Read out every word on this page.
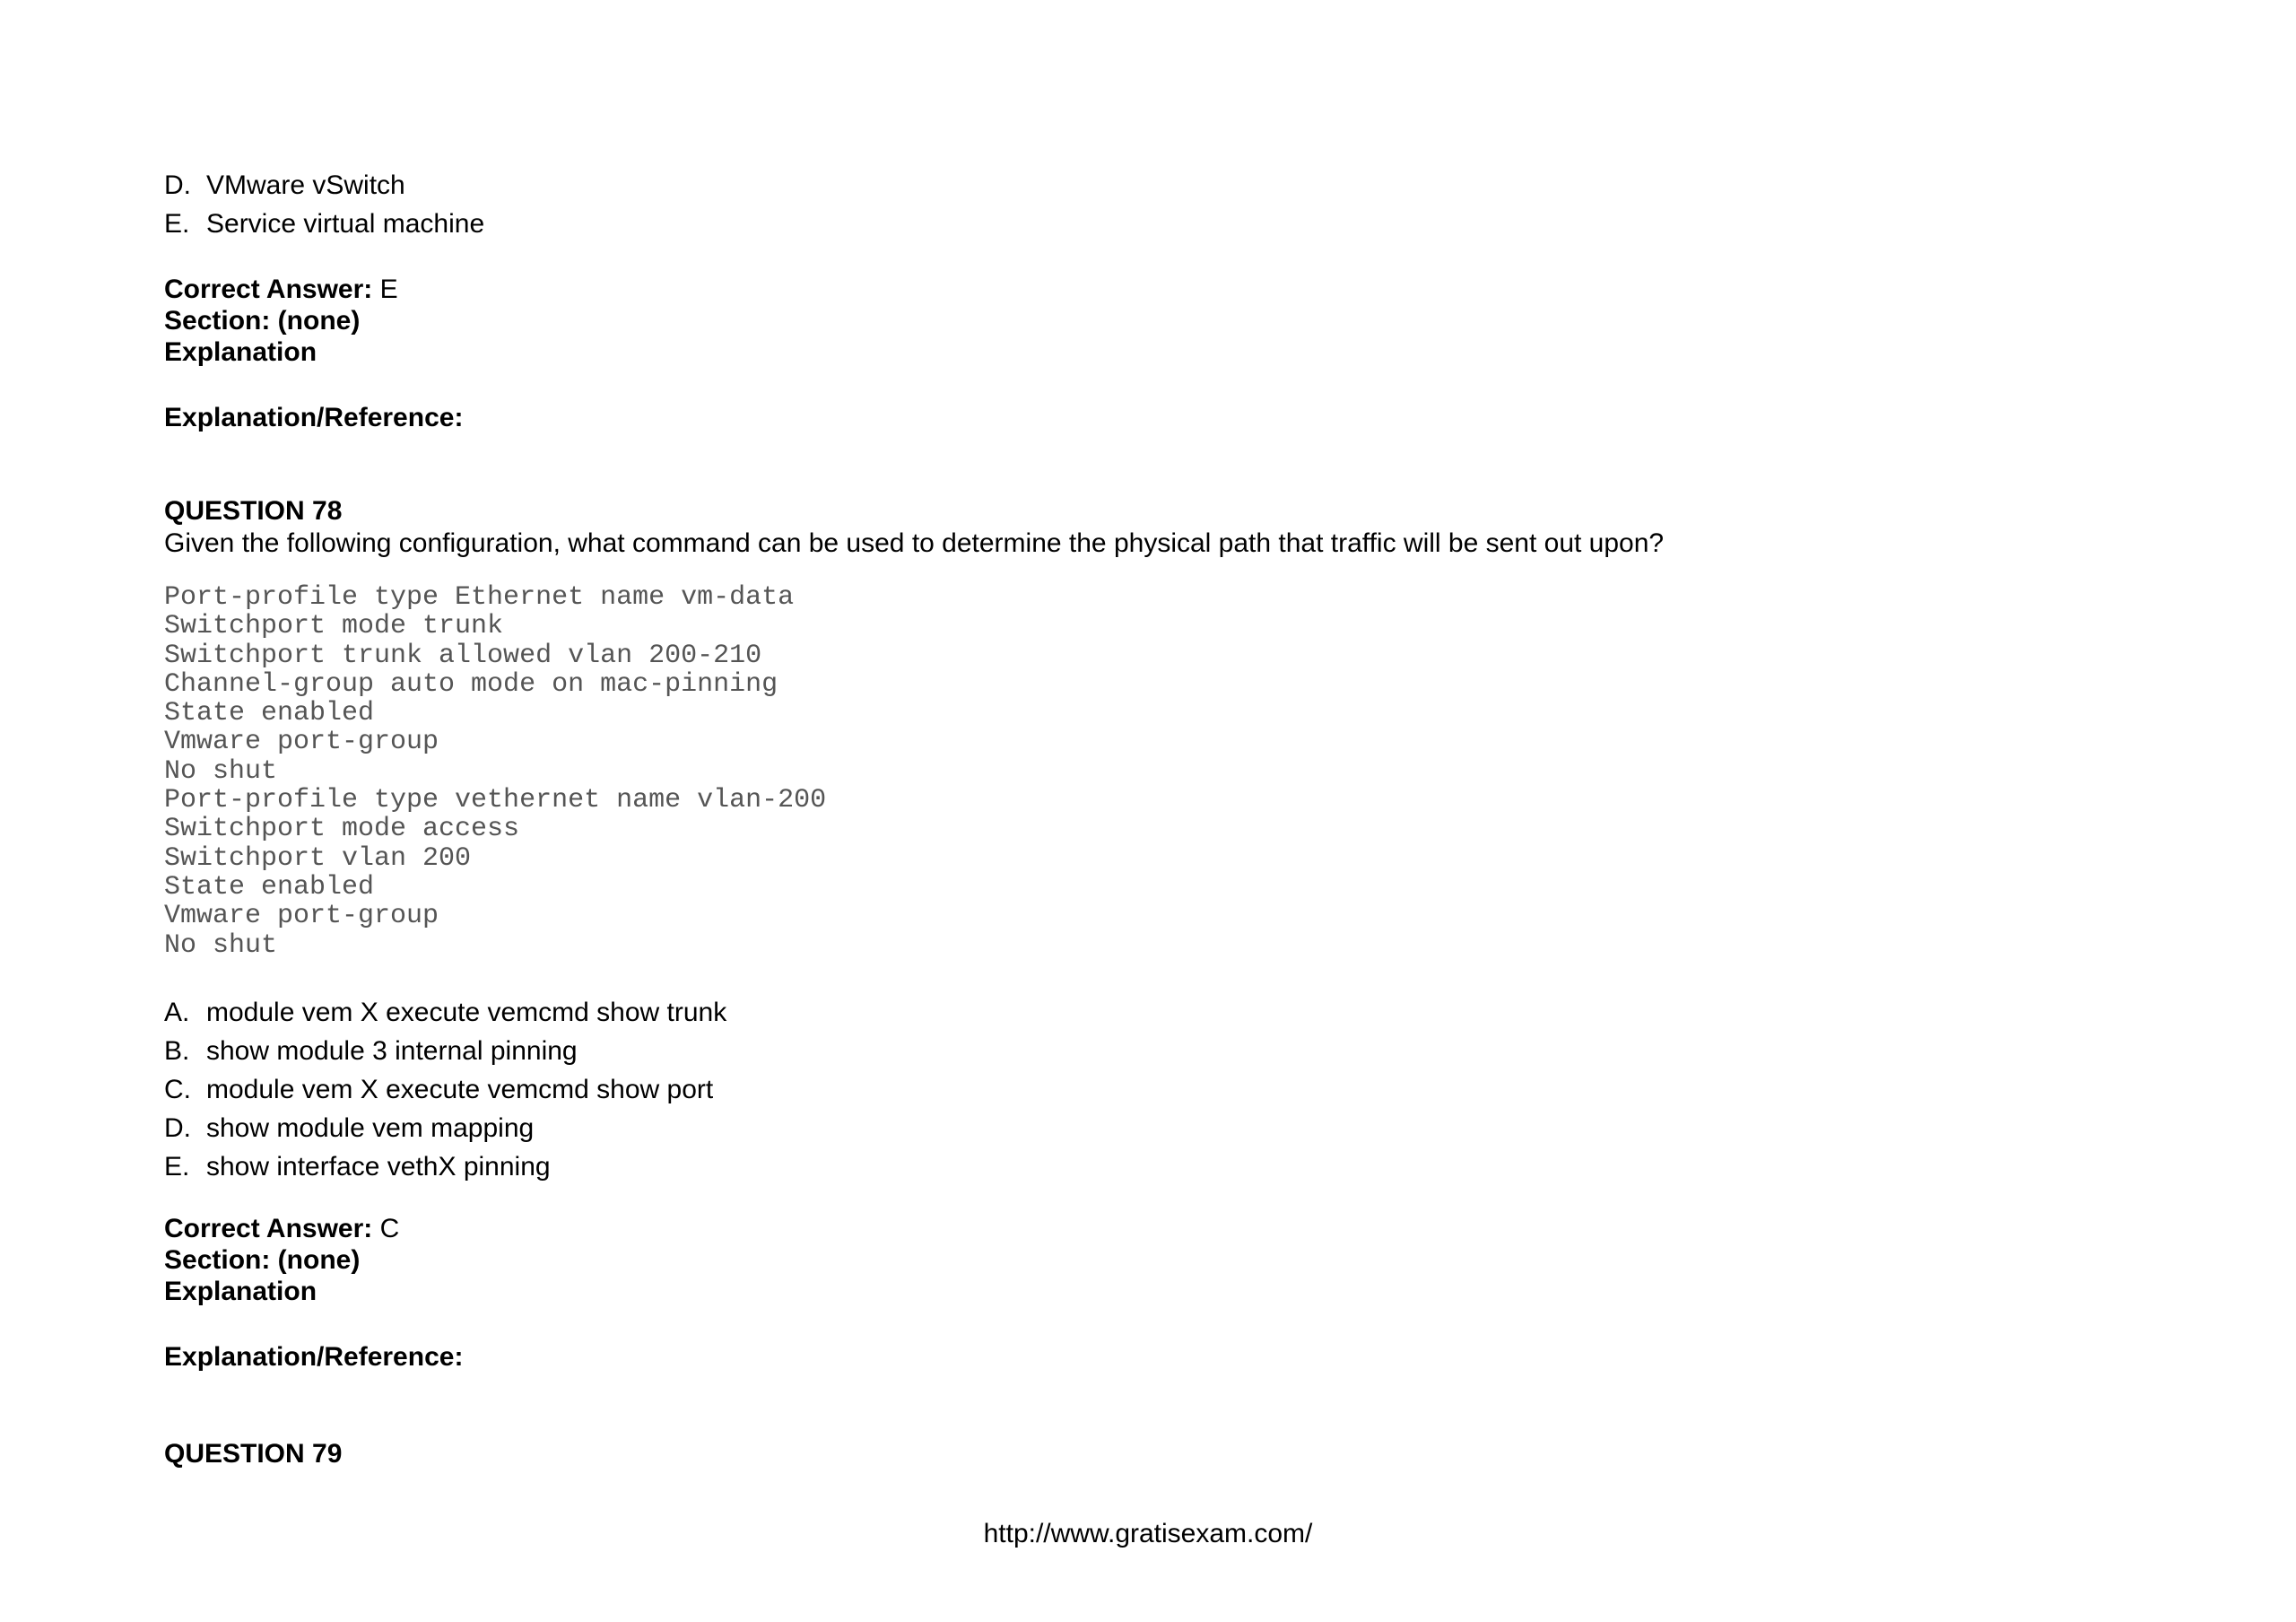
D. VMware vSwitch
E. Service virtual machine
Correct Answer: E
Section: (none)
Explanation
Explanation/Reference:
QUESTION 78
Given the following configuration, what command can be used to determine the physical path that traffic will be sent out upon?
Port-profile type Ethernet name vm-data
Switchport mode trunk
Switchport trunk allowed vlan 200-210
Channel-group auto mode on mac-pinning
State enabled
Vmware port-group
No shut
Port-profile type vethernet name vlan-200
Switchport mode access
Switchport vlan 200
State enabled
Vmware port-group
No shut
A. module vem X execute vemcmd show trunk
B. show module 3 internal pinning
C. module vem X execute vemcmd show port
D. show module vem mapping
E. show interface vethX pinning
Correct Answer: C
Section: (none)
Explanation
Explanation/Reference:
QUESTION 79
http://www.gratisexam.com/
